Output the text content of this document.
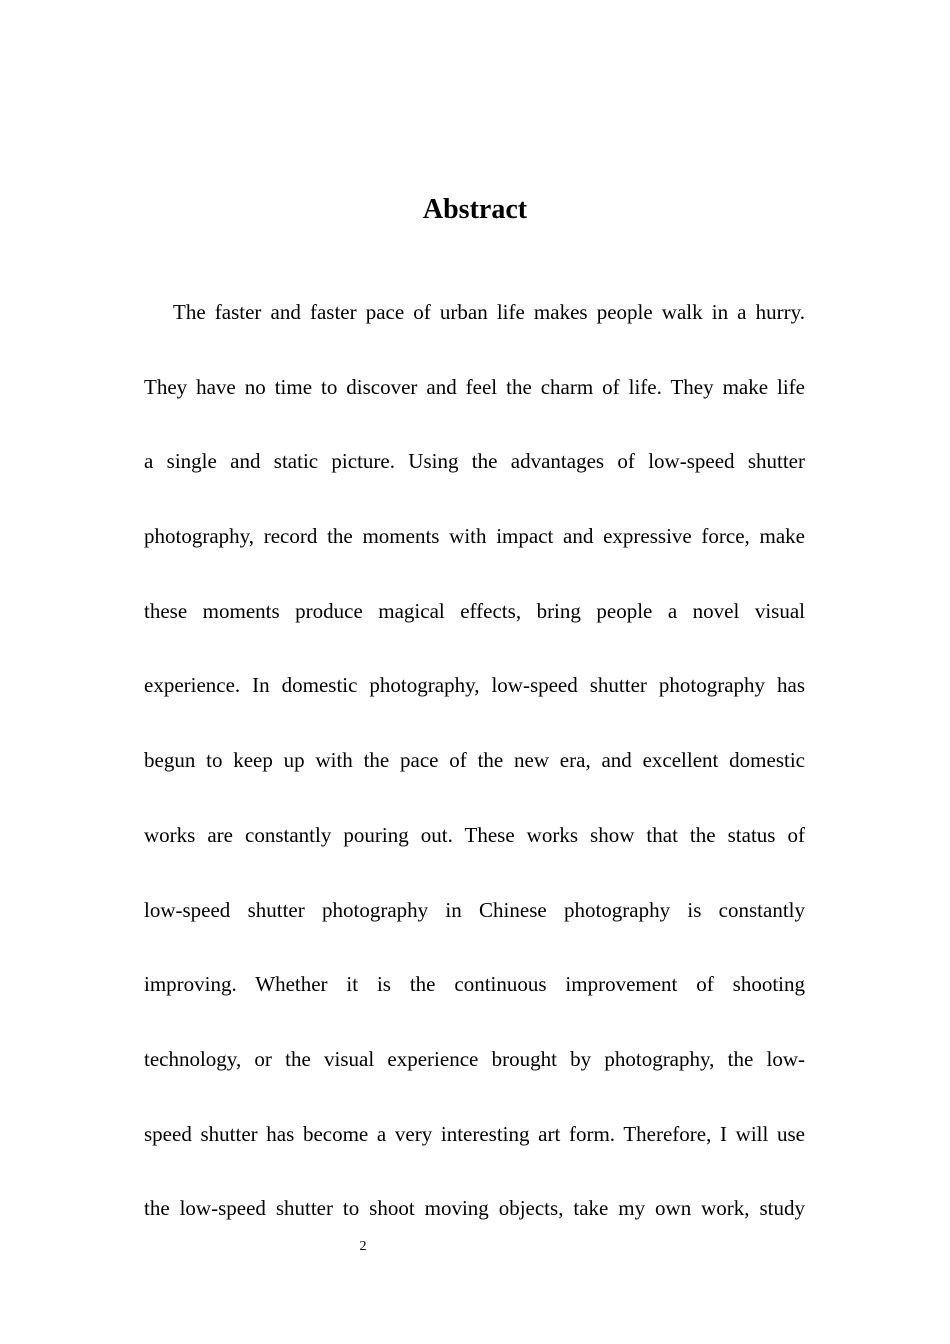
Abstract
The faster and faster pace of urban life makes people walk in a hurry.
They have no time to discover and feel the charm of life. They make life
a single and static picture. Using the advantages of low-speed shutter
photography, record the moments with impact and expressive force, make
these moments produce magical effects, bring people a novel visual
experience. In domestic photography, low-speed shutter photography has
begun to keep up with the pace of the new era, and excellent domestic
works are constantly pouring out. These works show that the status of
low-speed shutter photography in Chinese photography is constantly
improving. Whether it is the continuous improvement of shooting
technology, or the visual experience brought by photography, the low-
speed shutter has become a very interesting art form. Therefore, I will use
the low-speed shutter to shoot moving objects, take my own work, study
2
